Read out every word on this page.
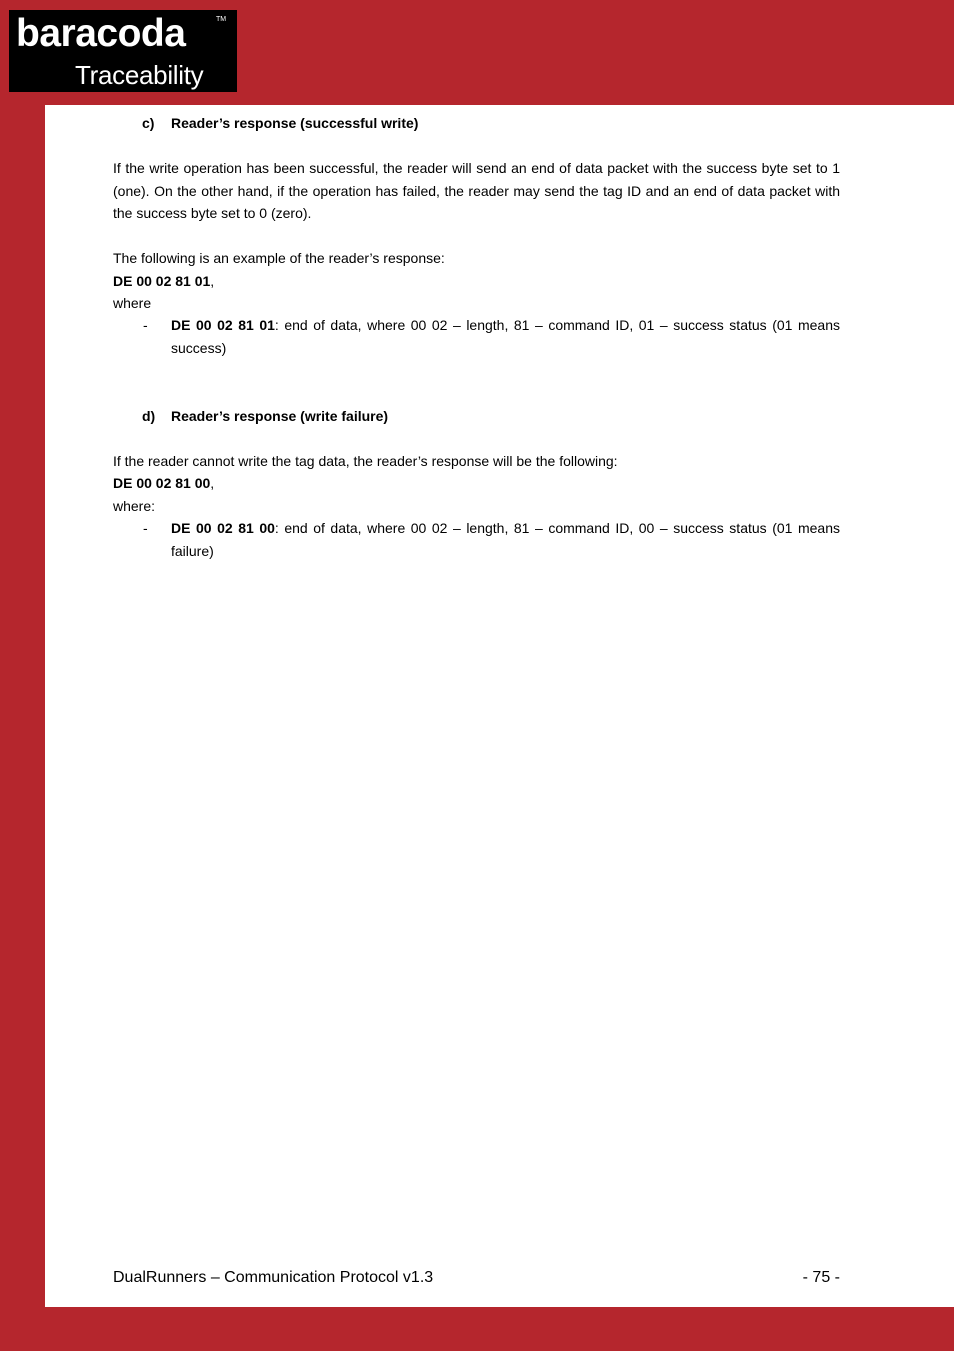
baracoda	TM
Traceability
c) Reader’s response (successful write)
If the write operation has been successful, the reader will send an end of data packet with the success byte set to 1 (one). On the other hand, if the operation has failed, the reader may send the tag ID and an end of data packet with the success byte set to 0 (zero).
The following is an example of the reader’s response:
DE 00 02 81 01,
where
- DE 00 02 81 01: end of data, where 00 02 – length, 81 – command ID, 01 – success status (01 means success)
d) Reader’s response (write failure)
If the reader cannot write the tag data, the reader’s response will be the following:
DE 00 02 81 00,
where:
- DE 00 02 81 00: end of data, where 00 02 – length, 81 – command ID, 00 – success status (01 means failure)
DualRunners – Communication Protocol v1.3	- 75 -
